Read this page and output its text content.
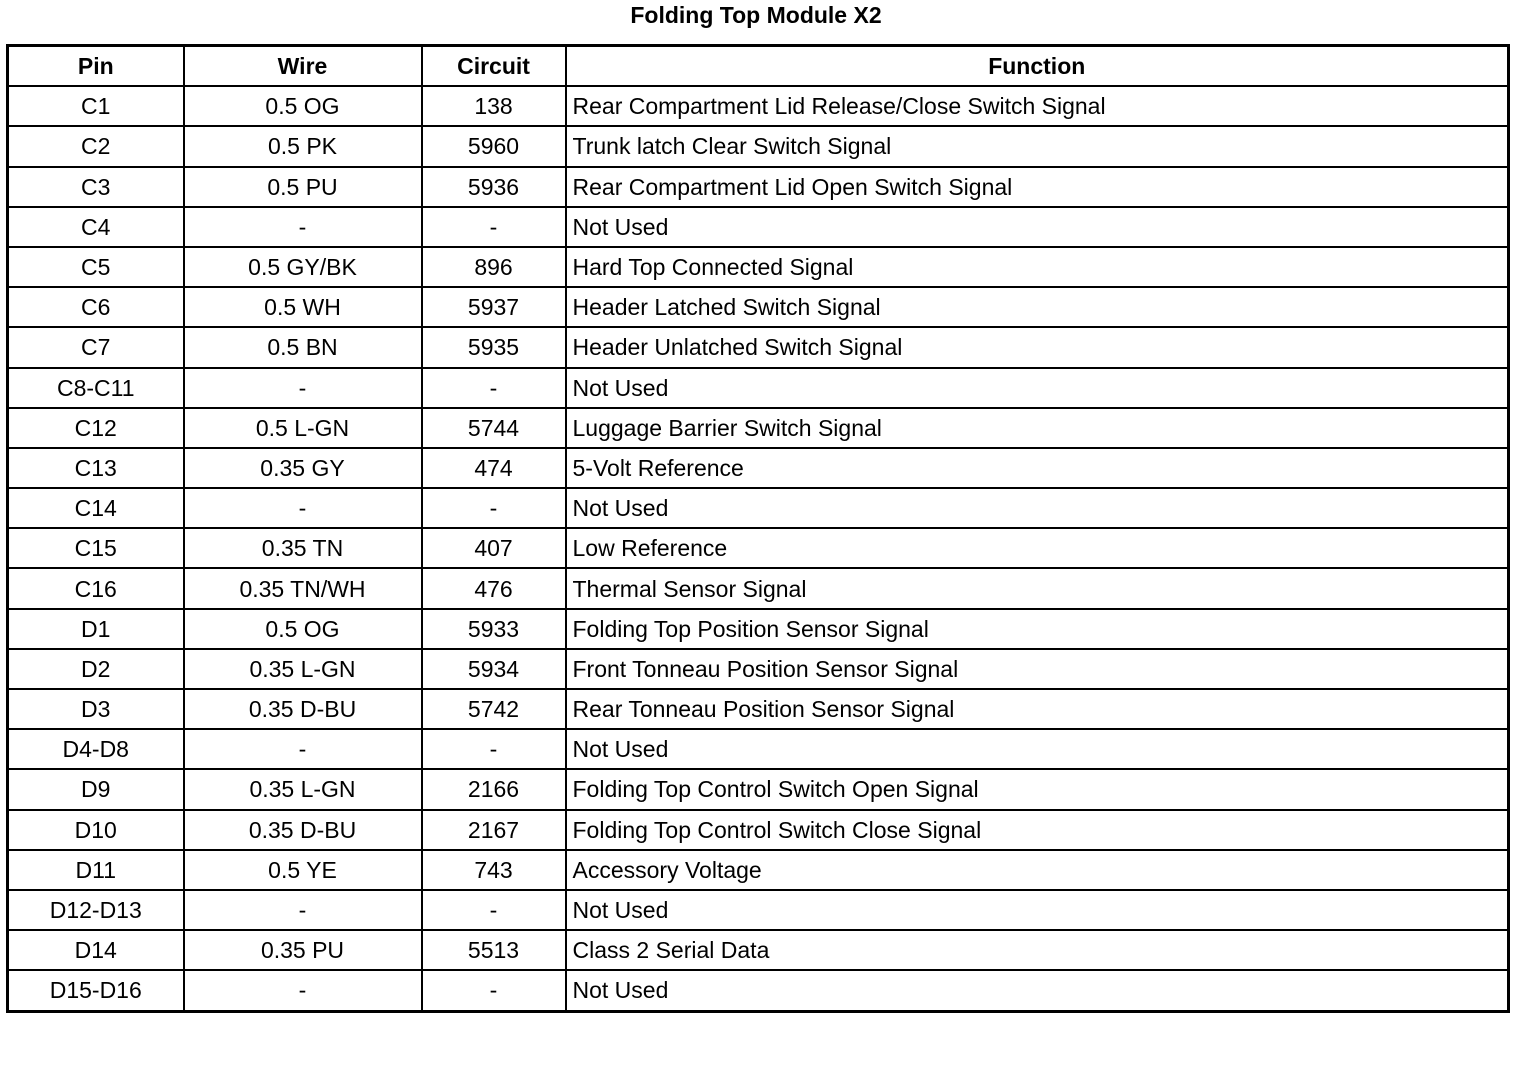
Folding Top Module X2
Pin	Wire	Circuit	Function
C1	0.5 OG	138	Rear Compartment Lid Release/Close Switch Signal
C2	0.5 PK	5960	Trunk latch Clear Switch Signal
C3	0.5 PU	5936	Rear Compartment Lid Open Switch Signal
C4	-	-	Not Used
C5	0.5 GY/BK	896	Hard Top Connected Signal
C6	0.5 WH	5937	Header Latched Switch Signal
C7	0.5 BN	5935	Header Unlatched Switch Signal
C8-C11	-	-	Not Used
C12	0.5 L-GN	5744	Luggage Barrier Switch Signal
C13	0.35 GY	474	5-Volt Reference
C14	-	-	Not Used
C15	0.35 TN	407	Low Reference
C16	0.35 TN/WH	476	Thermal Sensor Signal
D1	0.5 OG	5933	Folding Top Position Sensor Signal
D2	0.35 L-GN	5934	Front Tonneau Position Sensor Signal
D3	0.35 D-BU	5742	Rear Tonneau Position Sensor Signal
D4-D8	-	-	Not Used
D9	0.35 L-GN	2166	Folding Top Control Switch Open Signal
D10	0.35 D-BU	2167	Folding Top Control Switch Close Signal
D11	0.5 YE	743	Accessory Voltage
D12-D13	-	-	Not Used
D14	0.35 PU	5513	Class 2 Serial Data
D15-D16	-	-	Not Used
